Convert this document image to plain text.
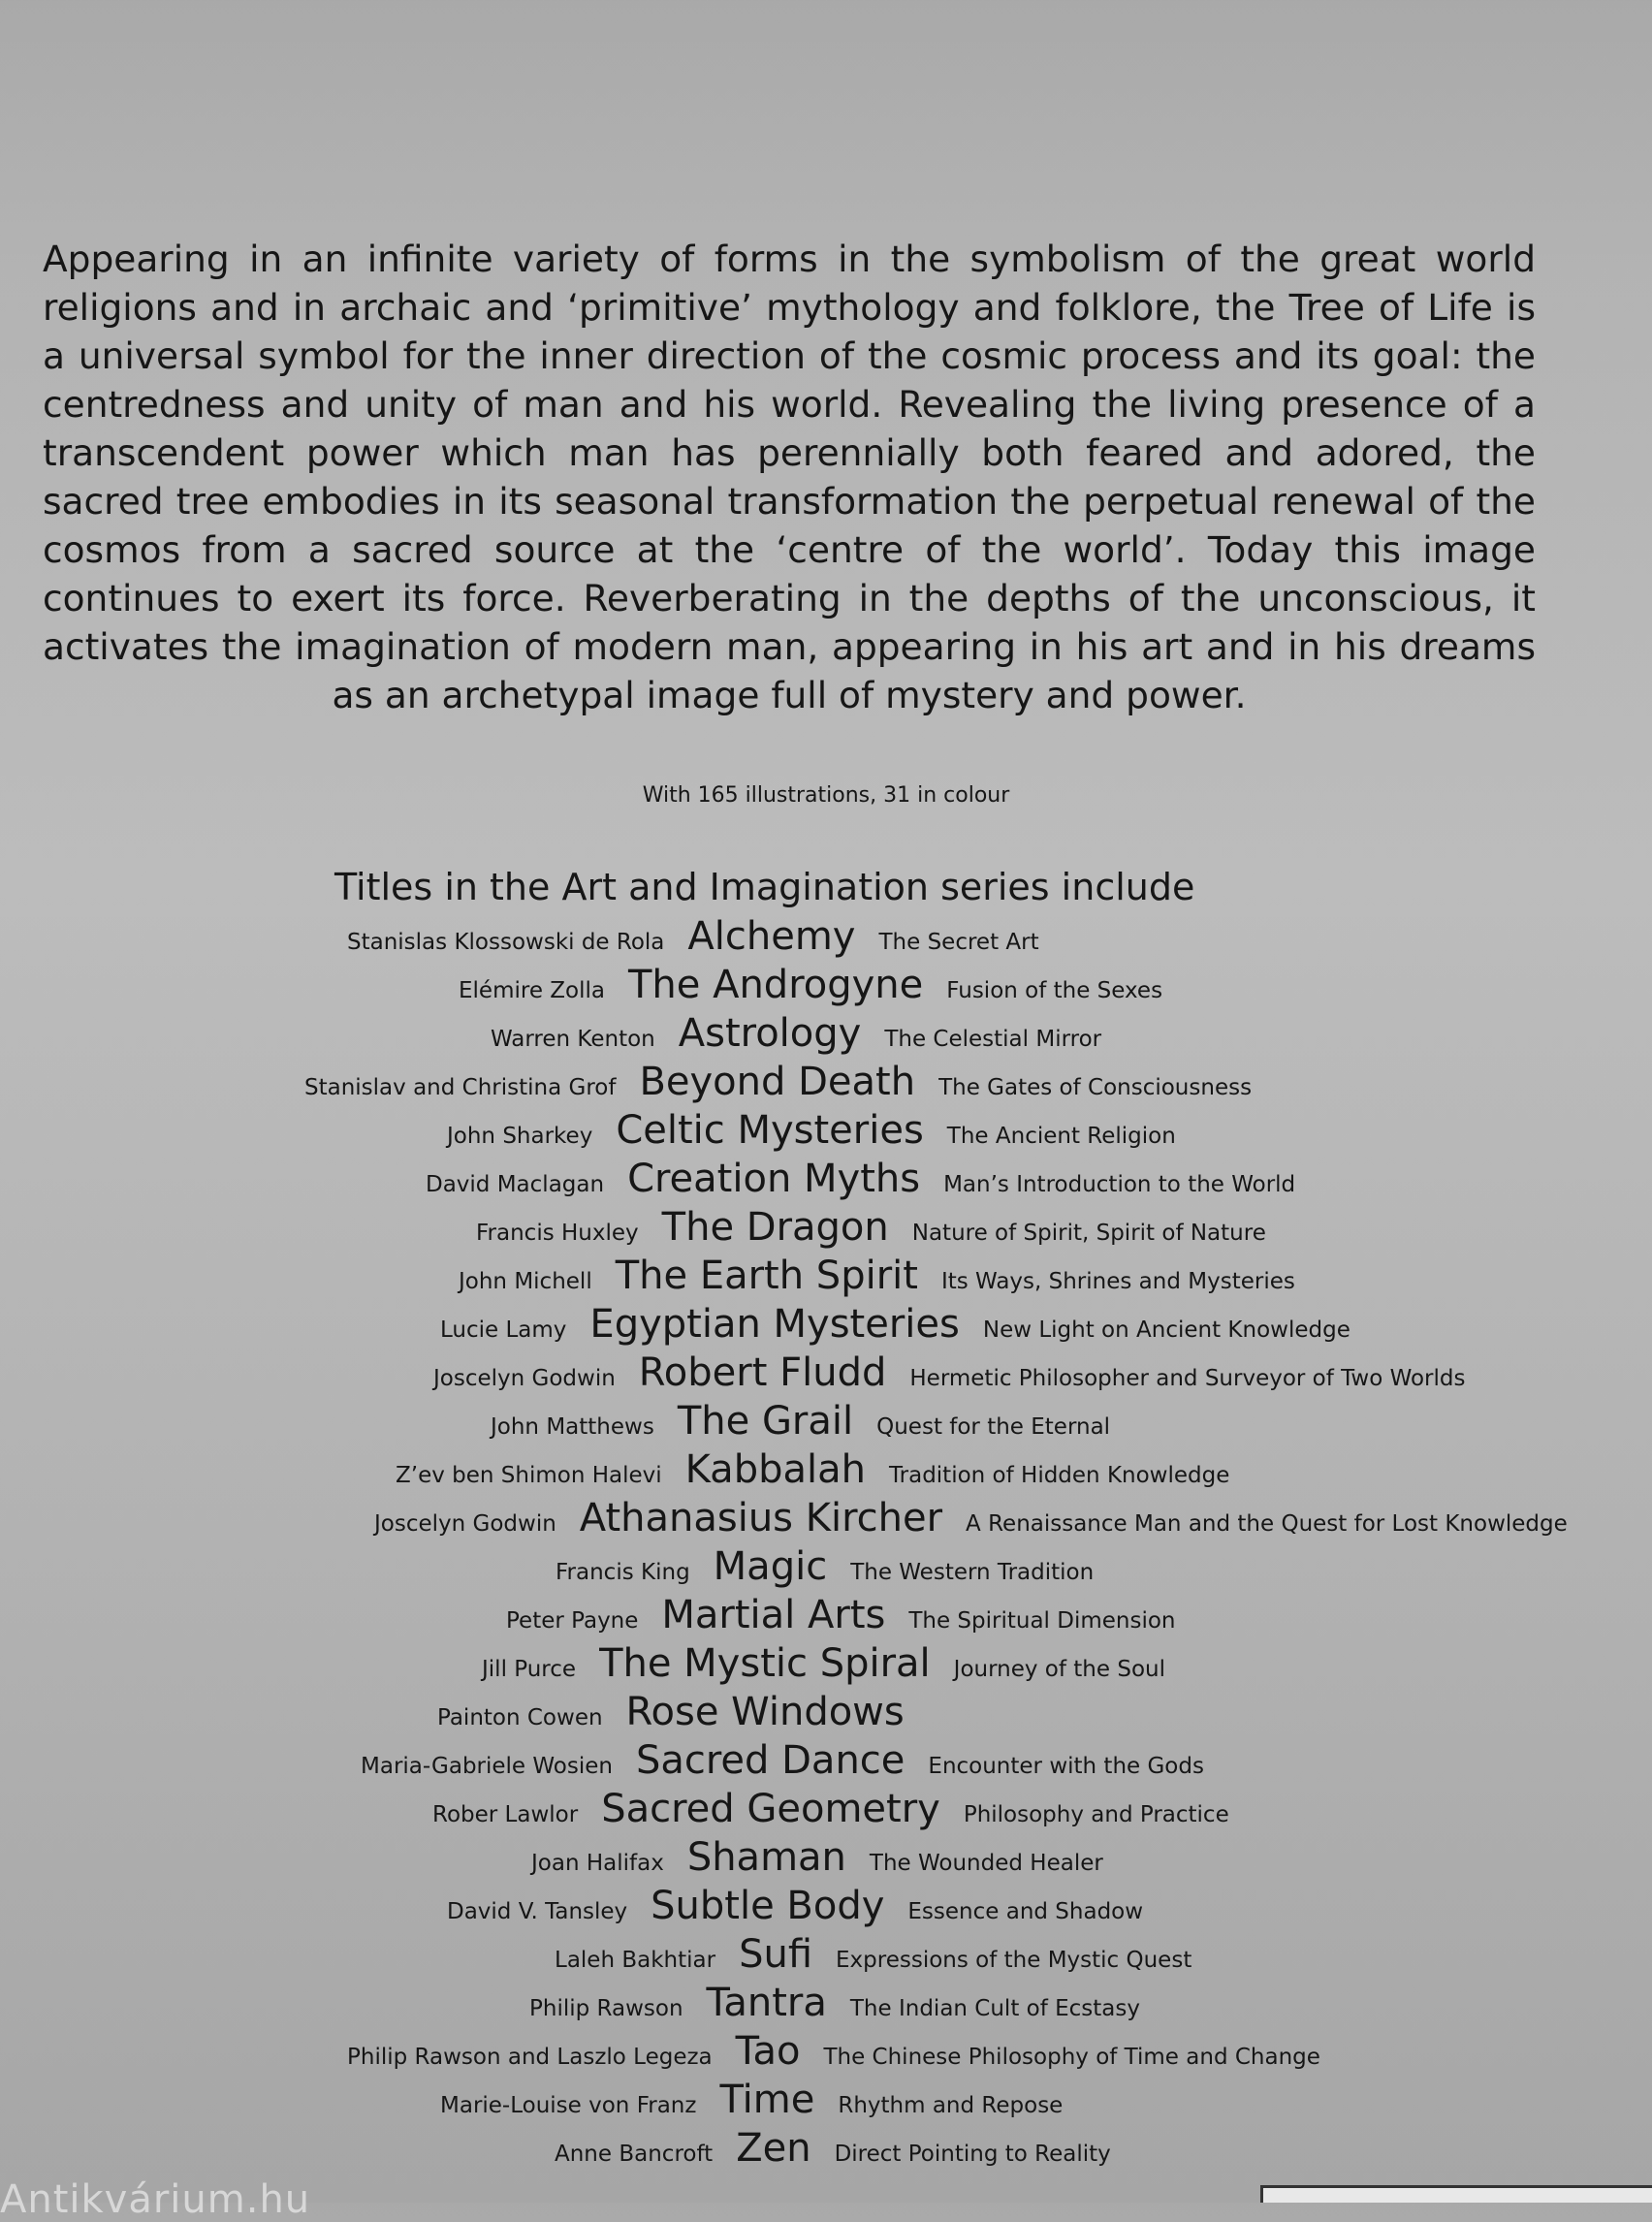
Appearing in an infinite variety of forms in the symbolism of the great world religions and in archaic and ‘primitive’ mythology and folklore, the Tree of Life is a universal symbol for the inner direction of the cosmic process and its goal: the centredness and unity of man and his world. Revealing the living presence of a transcendent power which man has perennially both feared and adored, the sacred tree embodies in its seasonal transformation the perpetual renewal of the cosmos from a sacred source at the ‘centre of the world’. Today this image continues to exert its force. Reverberating in the depths of the unconscious, it activates the imagination of modern man, appearing in his art and in his dreams as an archetypal image full of mystery and power.

With 165 illustrations, 31 in colour

Titles in the Art and Imagination series include
Stanislas Klossowski de Rola Alchemy The Secret Art
Elémire Zolla The Androgyne Fusion of the Sexes
Warren Kenton Astrology The Celestial Mirror
Stanislav and Christina Grof Beyond Death The Gates of Consciousness
John Sharkey Celtic Mysteries The Ancient Religion
David Maclagan Creation Myths Man’s Introduction to the World
Francis Huxley The Dragon Nature of Spirit, Spirit of Nature
John Michell The Earth Spirit Its Ways, Shrines and Mysteries
Lucie Lamy Egyptian Mysteries New Light on Ancient Knowledge
Joscelyn Godwin Robert Fludd Hermetic Philosopher and Surveyor of Two Worlds
John Matthews The Grail Quest for the Eternal
Z’ev ben Shimon Halevi Kabbalah Tradition of Hidden Knowledge
Joscelyn Godwin Athanasius Kircher A Renaissance Man and the Quest for Lost Knowledge
Francis King Magic The Western Tradition
Peter Payne Martial Arts The Spiritual Dimension
Jill Purce The Mystic Spiral Journey of the Soul
Painton Cowen Rose Windows
Maria-Gabriele Wosien Sacred Dance Encounter with the Gods
Rober Lawlor Sacred Geometry Philosophy and Practice
Joan Halifax Shaman The Wounded Healer
David V. Tansley Subtle Body Essence and Shadow
Laleh Bakhtiar Sufi Expressions of the Mystic Quest
Philip Rawson Tantra The Indian Cult of Ecstasy
Philip Rawson and Laszlo Legeza Tao The Chinese Philosophy of Time and Change
Marie-Louise von Franz Time Rhythm and Repose
Anne Bancroft Zen Direct Pointing to Reality
Antikvárium.hu
